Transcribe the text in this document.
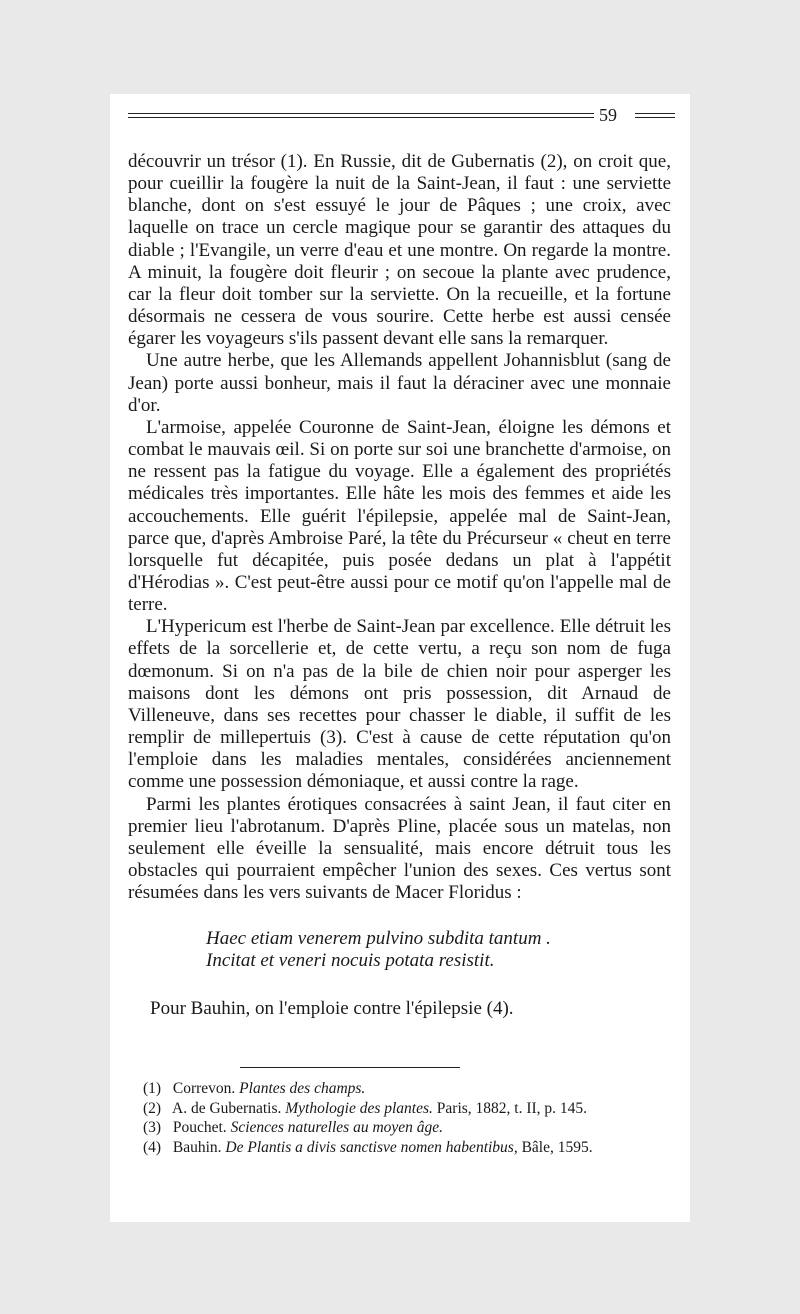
59

découvrir un trésor (1). En Russie, dit de Gubernatis (2), on croit que, pour cueillir la fougère la nuit de la Saint-Jean, il faut : une serviette blanche, dont on s'est essuyé le jour de Pâques ; une croix, avec laquelle on trace un cercle magique pour se garantir des attaques du diable ; l'Evangile, un verre d'eau et une montre. On regarde la montre. A minuit, la fougère doit fleurir ; on secoue la plante avec prudence, car la fleur doit tomber sur la serviette. On la recueille, et la fortune désormais ne cessera de vous sourire. Cette herbe est aussi censée égarer les voyageurs s'ils passent devant elle sans la remarquer.

Une autre herbe, que les Allemands appellent Johannisblut (sang de Jean) porte aussi bonheur, mais il faut la déraciner avec une monnaie d'or.

L'armoise, appelée Couronne de Saint-Jean, éloigne les démons et combat le mauvais œil. Si on porte sur soi une branchette d'armoise, on ne ressent pas la fatigue du voyage. Elle a également des propriétés médicales très importantes. Elle hâte les mois des femmes et aide les accouchements. Elle guérit l'épilepsie, appelée mal de Saint-Jean, parce que, d'après Ambroise Paré, la tête du Précurseur « cheut en terre lorsquelle fut décapitée, puis posée dedans un plat à l'appétit d'Hérodias ». C'est peut-être aussi pour ce motif qu'on l'appelle mal de terre.

L'Hypericum est l'herbe de Saint-Jean par excellence. Elle détruit les effets de la sorcellerie et, de cette vertu, a reçu son nom de fuga dœmonum. Si on n'a pas de la bile de chien noir pour asperger les maisons dont les démons ont pris possession, dit Arnaud de Villeneuve, dans ses recettes pour chasser le diable, il suffit de les remplir de millepertuis (3). C'est à cause de cette réputation qu'on l'emploie dans les maladies mentales, considérées anciennement comme une possession démoniaque, et aussi contre la rage.

Parmi les plantes érotiques consacrées à saint Jean, il faut citer en premier lieu l'abrotanum. D'après Pline, placée sous un matelas, non seulement elle éveille la sensualité, mais encore détruit tous les obstacles qui pourraient empêcher l'union des sexes. Ces vertus sont résumées dans les vers suivants de Macer Floridus :

Haec etiam venerem pulvino subdita tantum .
Incitat et veneri nocuis potata resistit.

Pour Bauhin, on l'emploie contre l'épilepsie (4).

(1) Correvon. Plantes des champs.
(2) A. de Gubernatis. Mythologie des plantes. Paris, 1882, t. II, p. 145.
(3) Pouchet. Sciences naturelles au moyen âge.
(4) Bauhin. De Plantis a divis sanctisve nomen habentibus, Bâle, 1595.
